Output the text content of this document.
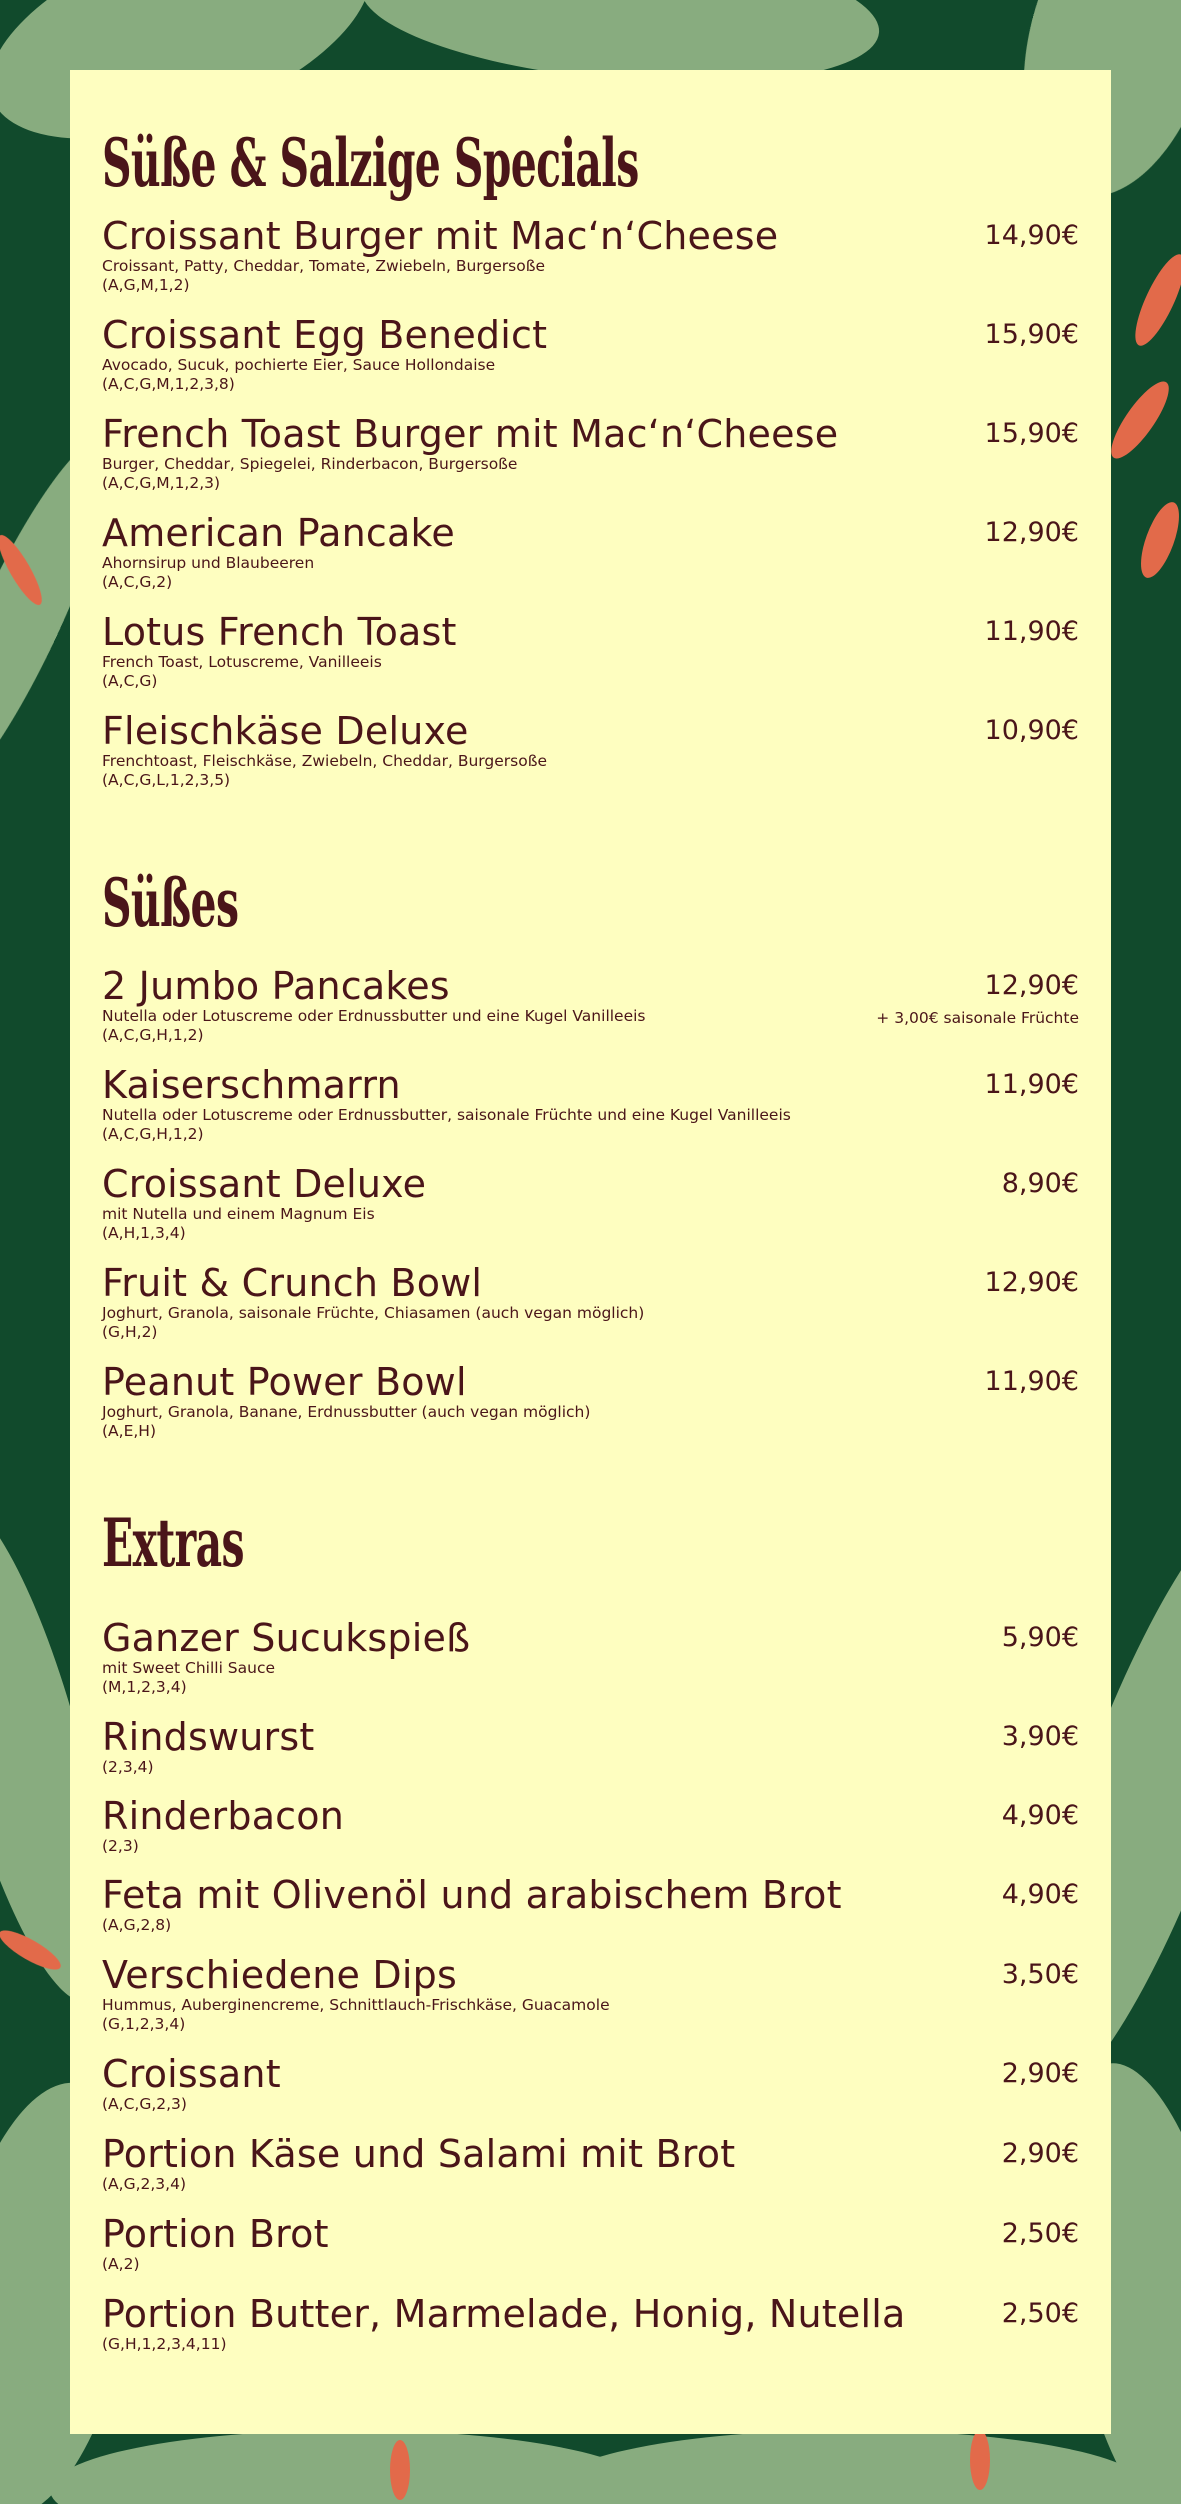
Süße & Salzige Specials
Croissant Burger mit Mac‘n‘Cheese
Croissant, Patty, Cheddar, Tomate, Zwiebeln, Burgersoße
(A,G,M,1,2)
14,90€
Croissant Egg Benedict
Avocado, Sucuk, pochierte Eier, Sauce Hollondaise
(A,C,G,M,1,2,3,8)
15,90€
French Toast Burger mit Mac‘n‘Cheese
Burger, Cheddar, Spiegelei, Rinderbacon, Burgersoße
(A,C,G,M,1,2,3)
15,90€
American Pancake
Ahornsirup und Blaubeeren
(A,C,G,2)
12,90€
Lotus French Toast
French Toast, Lotuscreme, Vanilleeis
(A,C,G)
11,90€
Fleischkäse Deluxe
Frenchtoast, Fleischkäse, Zwiebeln, Cheddar, Burgersoße
(A,C,G,L,1,2,3,5)
10,90€
Süßes
2 Jumbo Pancakes
Nutella oder Lotuscreme oder Erdnussbutter und eine Kugel Vanilleeis
(A,C,G,H,1,2)
12,90€
+ 3,00€ saisonale Früchte
Kaiserschmarrn
Nutella oder Lotuscreme oder Erdnussbutter, saisonale Früchte und eine Kugel Vanilleeis
(A,C,G,H,1,2)
11,90€
Croissant Deluxe
mit Nutella und einem Magnum Eis
(A,H,1,3,4)
8,90€
Fruit & Crunch Bowl
Joghurt, Granola, saisonale Früchte, Chiasamen (auch vegan möglich)
(G,H,2)
12,90€
Peanut Power Bowl
Joghurt, Granola, Banane, Erdnussbutter (auch vegan möglich)
(A,E,H)
11,90€
Extras
Ganzer Sucukspieß
mit Sweet Chilli Sauce
(M,1,2,3,4)
5,90€
Rindswurst
(2,3,4)
3,90€
Rinderbacon
(2,3)
4,90€
Feta mit Olivenöl und arabischem Brot
(A,G,2,8)
4,90€
Verschiedene Dips
Hummus, Auberginencreme, Schnittlauch-Frischkäse, Guacamole
(G,1,2,3,4)
3,50€
Croissant
(A,C,G,2,3)
2,90€
Portion Käse und Salami mit Brot
(A,G,2,3,4)
2,90€
Portion Brot
(A,2)
2,50€
Portion Butter, Marmelade, Honig, Nutella
(G,H,1,2,3,4,11)
2,50€
